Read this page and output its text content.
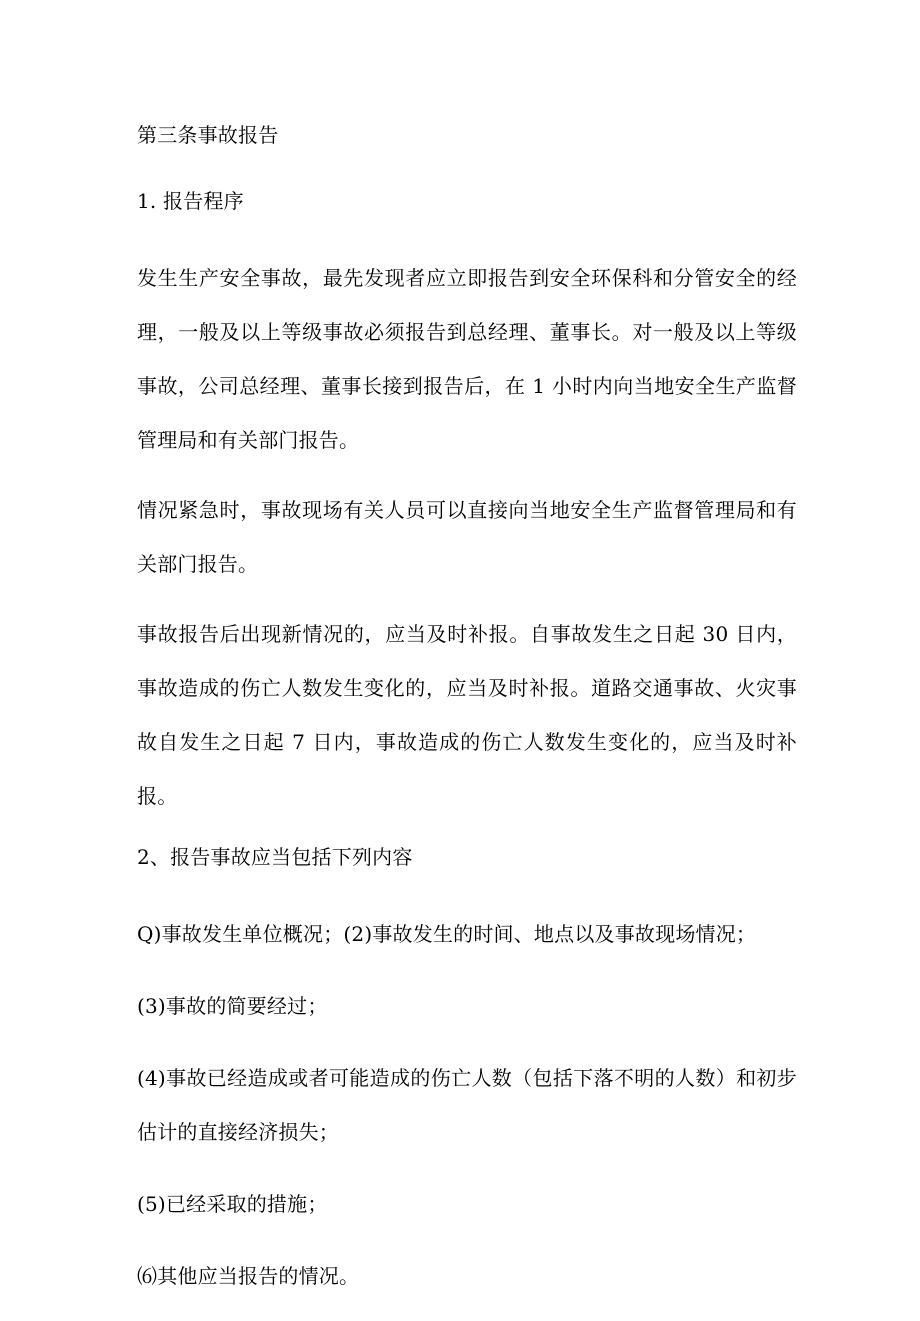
第三条事故报告

1. 报告程序

发生生产安全事故，最先发现者应立即报告到安全环保科和分管安全的经理，一般及以上等级事故必须报告到总经理、董事长。对一般及以上等级事故，公司总经理、董事长接到报告后，在 1 小时内向当地安全生产监督管理局和有关部门报告。

情况紧急时，事故现场有关人员可以直接向当地安全生产监督管理局和有关部门报告。

事故报告后出现新情况的，应当及时补报。自事故发生之日起 30 日内，事故造成的伤亡人数发生变化的，应当及时补报。道路交通事故、火灾事故自发生之日起 7 日内，事故造成的伤亡人数发生变化的，应当及时补报。

2、报告事故应当包括下列内容

Q)事故发生单位概况；(2)事故发生的时间、地点以及事故现场情况；

(3)事故的简要经过；

(4)事故已经造成或者可能造成的伤亡人数（包括下落不明的人数）和初步估计的直接经济损失；

(5)已经采取的措施；

⑹其他应当报告的情况。
